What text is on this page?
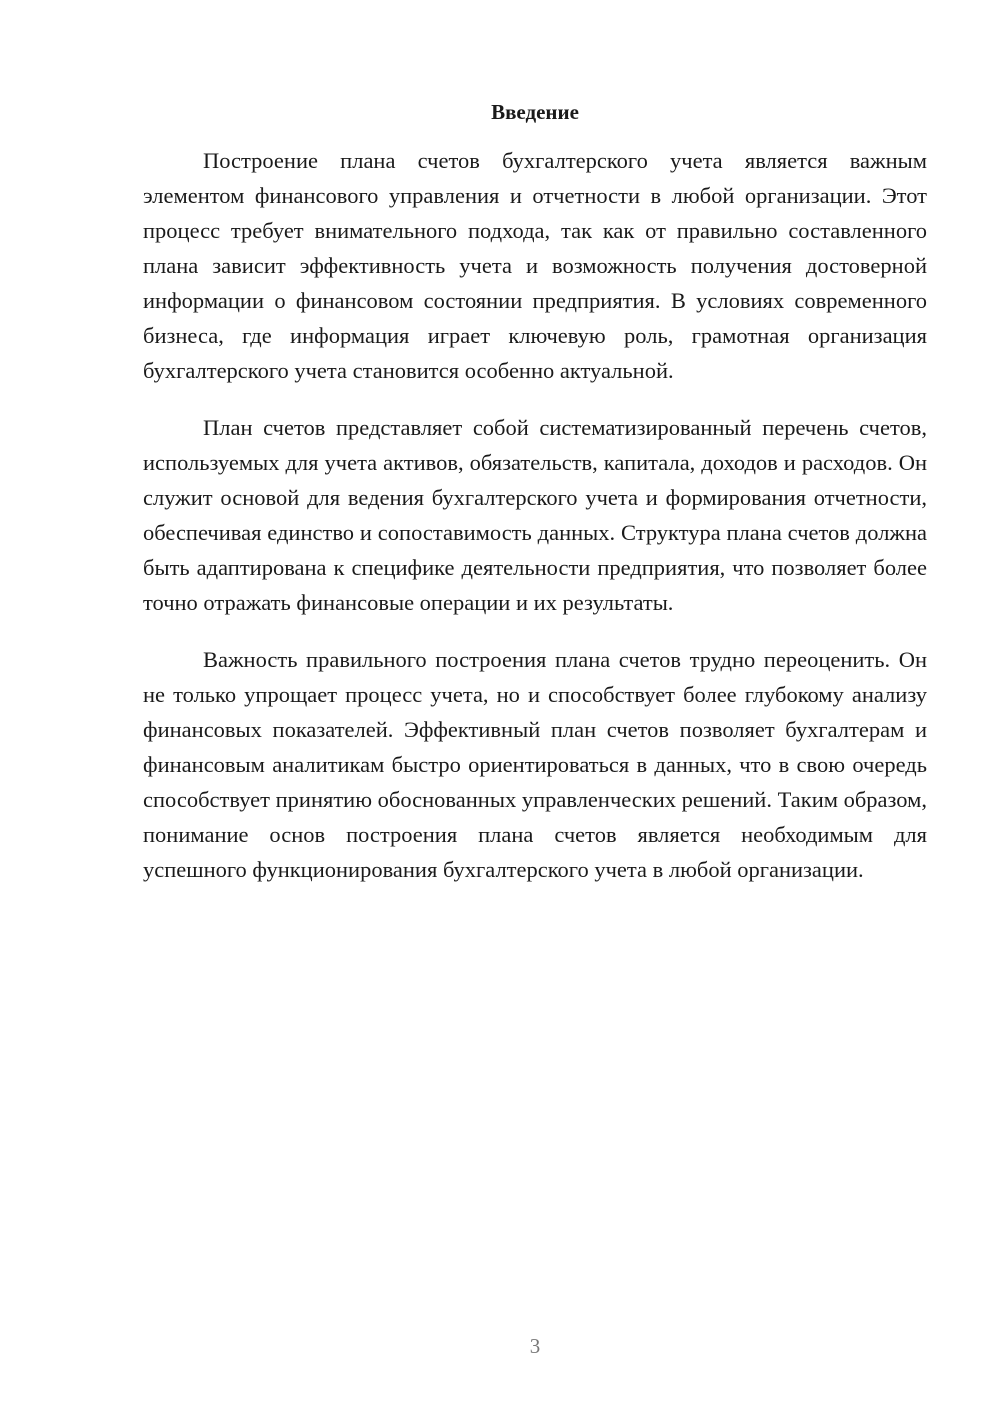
Введение

Построение плана счетов бухгалтерского учета является важным элементом финансового управления и отчетности в любой организации. Этот процесс требует внимательного подхода, так как от правильно составленного плана зависит эффективность учета и возможность получения достоверной информации о финансовом состоянии предприятия. В условиях современного бизнеса, где информация играет ключевую роль, грамотная организация бухгалтерского учета становится особенно актуальной.

План счетов представляет собой систематизированный перечень счетов, используемых для учета активов, обязательств, капитала, доходов и расходов. Он служит основой для ведения бухгалтерского учета и формирования отчетности, обеспечивая единство и сопоставимость данных. Структура плана счетов должна быть адаптирована к специфике деятельности предприятия, что позволяет более точно отражать финансовые операции и их результаты.

Важность правильного построения плана счетов трудно переоценить. Он не только упрощает процесс учета, но и способствует более глубокому анализу финансовых показателей. Эффективный план счетов позволяет бухгалтерам и финансовым аналитикам быстро ориентироваться в данных, что в свою очередь способствует принятию обоснованных управленческих решений. Таким образом, понимание основ построения плана счетов является необходимым для успешного функционирования бухгалтерского учета в любой организации.

3
